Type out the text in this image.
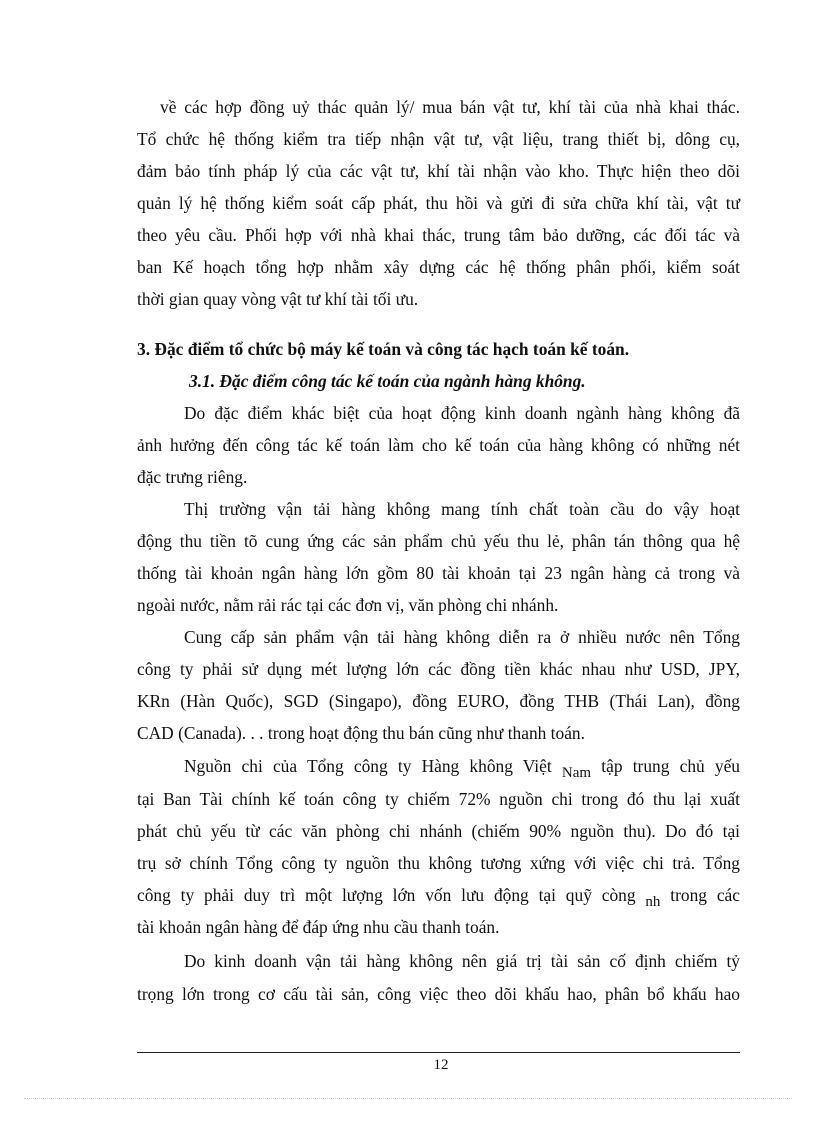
về các hợp đồng uỷ thác quản lý/ mua bán vật tư, khí tài của nhà khai thác.
Tổ chức hệ thống kiểm tra tiếp nhận vật tư, vật liệu, trang thiết bị, dông cụ,
đảm bảo tính pháp lý của các vật tư, khí tài nhận vào kho. Thực hiện theo dõi
quản lý hệ thống kiểm soát cấp phát, thu hồi và gửi đi sửa chữa khí tài, vật tư
theo yêu cầu. Phối hợp với nhà khai thác, trung tâm bảo dưỡng, các đối tác và
ban Kế hoạch tổng hợp nhằm xây dựng các hệ thống phân phối, kiểm soát
thời gian quay vòng vật tư khí tài tối ưu.
3. Đặc điểm tổ chức bộ máy kế toán và công tác hạch toán kế toán.
3.1. Đặc điểm công tác kế toán của ngành hàng không.
Do đặc điểm khác biệt của hoạt động kinh doanh ngành hàng không đã
ảnh hưởng đến công tác kế toán làm cho kế toán của hàng không có những nét
đặc trưng riêng.
Thị trường vận tải hàng không mang tính chất toàn cầu do vậy hoạt
động thu tiền tõ cung ứng các sản phẩm chủ yếu thu lẻ, phân tán thông qua hệ
thống tài khoản ngân hàng lớn gồm 80 tài khoản tại 23 ngân hàng cả trong và
ngoài nước, nằm rải rác tại các đơn vị, văn phòng chi nhánh.
Cung cấp sản phẩm vận tải hàng không diễn ra ở nhiều nước nên Tổng
công ty phải sử dụng mét lượng lớn các đồng tiền khác nhau như USD, JPY,
KRn (Hàn Quốc), SGD (Singapo), đồng EURO, đồng THB (Thái Lan), đồng
CAD (Canada). . . trong hoạt động thu bán cũng như thanh toán.
Nguồn chi của Tổng công ty Hàng không Việt Nam tập trung chủ yếu
tại Ban Tài chính kế toán công ty chiếm 72% nguồn chi trong đó thu lại xuất
phát chủ yếu từ các văn phòng chi nhánh (chiếm 90% nguồn thu). Do đó tại
trụ sở chính Tổng công ty nguồn thu không tương xứng với việc chi trả. Tổng
công ty phải duy trì một lượng lớn vốn lưu động tại quỹ còng nh trong các
tài khoản ngân hàng để đáp ứng nhu cầu thanh toán.
Do kinh doanh vận tải hàng không nên giá trị tài sản cố định chiếm tỷ
trọng lớn trong cơ cấu tài sản, công việc theo dõi khấu hao, phân bổ khấu hao
12
